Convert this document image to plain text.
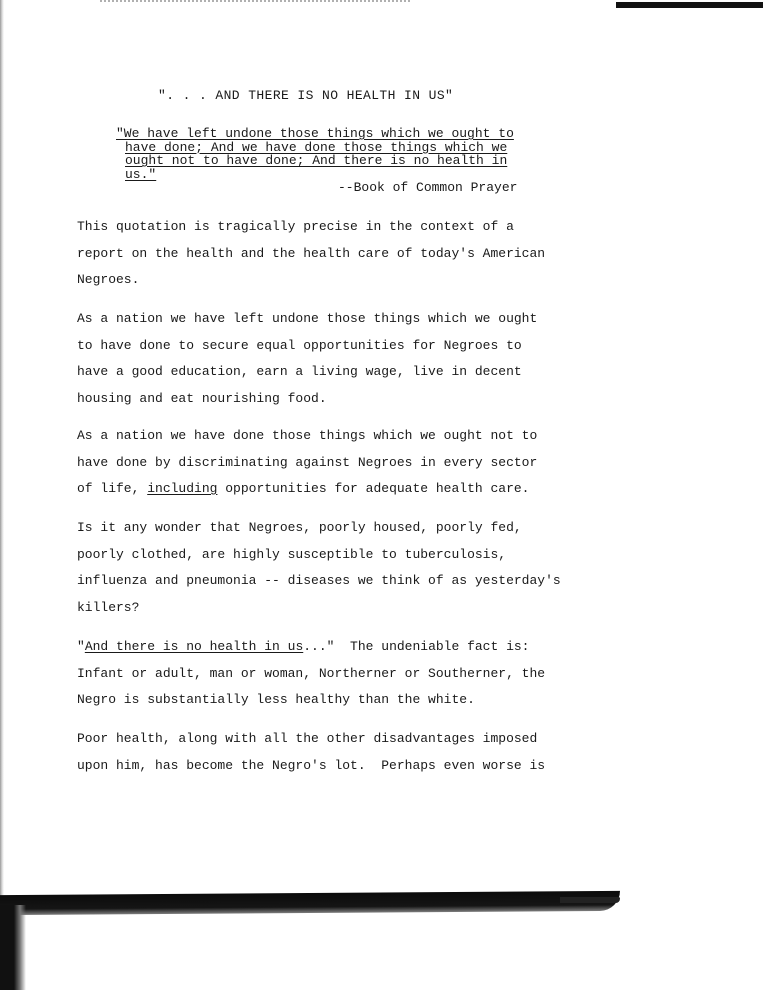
". . . AND THERE IS NO HEALTH IN US"
"We have left undone those things which we ought to
have done; And we have done those things which we
ought not to have done; And there is no health in
us."
--Book of Common Prayer
This quotation is tragically precise in the context of a
report on the health and the health care of today's American
Negroes.
As a nation we have left undone those things which we ought
to have done to secure equal opportunities for Negroes to
have a good education, earn a living wage, live in decent
housing and eat nourishing food.
As a nation we have done those things which we ought not to
have done by discriminating against Negroes in every sector
of life, including opportunities for adequate health care.
Is it any wonder that Negroes, poorly housed, poorly fed,
poorly clothed, are highly susceptible to tuberculosis,
influenza and pneumonia -- diseases we think of as yesterday's
killers?
"And there is no health in us..."  The undeniable fact is:
Infant or adult, man or woman, Northerner or Southerner, the
Negro is substantially less healthy than the white.
Poor health, along with all the other disadvantages imposed
upon him, has become the Negro's lot.  Perhaps even worse is
